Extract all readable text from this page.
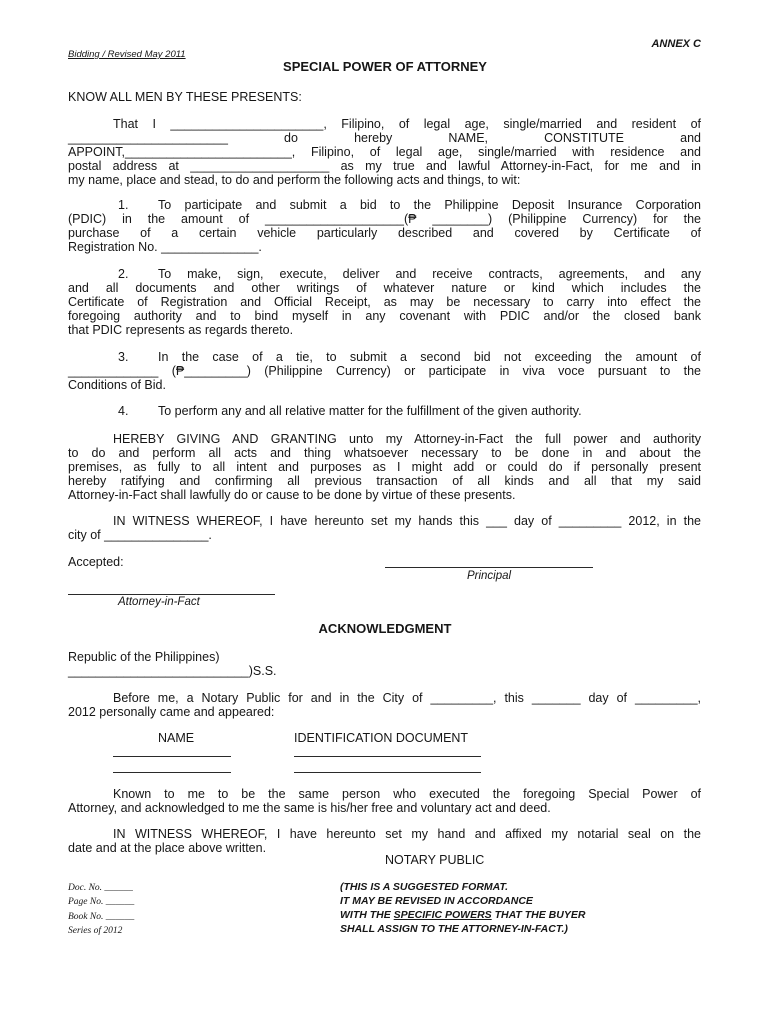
ANNEX C
Bidding / Revised May 2011
SPECIAL POWER OF ATTORNEY
KNOW ALL MEN BY THESE PRESENTS:
That I ______________________, Filipino, of legal age, single/married and resident of
_______________________ do hereby NAME, CONSTITUTE and
APPOINT,________________________, Filipino, of legal age, single/married with residence and
postal address at ____________________ as my true and lawful Attorney-in-Fact, for me and in
my name, place and stead, to do and perform the following acts and things, to wit:
1. To participate and submit a bid to the Philippine Deposit Insurance Corporation
(PDIC) in the amount of ____________________(₱ ________) (Philippine Currency) for the
purchase of a certain vehicle particularly described and covered by Certificate of
Registration No. ______________.
2. To make, sign, execute, deliver and receive contracts, agreements, and any
and all documents and other writings of whatever nature or kind which includes the
Certificate of Registration and Official Receipt, as may be necessary to carry into effect the
foregoing authority and to bind myself in any covenant with PDIC and/or the closed bank
that PDIC represents as regards thereto.
3. In the case of a tie, to submit a second bid not exceeding the amount of
_____________ (₱_________) (Philippine Currency) or participate in viva voce pursuant to the
Conditions of Bid.
4. To perform any and all relative matter for the fulfillment of the given authority.
HEREBY GIVING AND GRANTING unto my Attorney-in-Fact the full power and authority
to do and perform all acts and thing whatsoever necessary to be done in and about the
premises, as fully to all intent and purposes as I might add or could do if personally present
hereby ratifying and confirming all previous transaction of all kinds and all that my said
Attorney-in-Fact shall lawfully do or cause to be done by virtue of these presents.
IN WITNESS WHEREOF, I have hereunto set my hands this ___ day of _________ 2012, in the
city of _______________.
Accepted:
Principal
Attorney-in-Fact
ACKNOWLEDGMENT
Republic of the Philippines)
__________________________)S.S.
Before me, a Notary Public for and in the City of _________, this _______ day of _________,
2012 personally came and appeared:
NAME	IDENTIFICATION DOCUMENT
Known to me to be the same person who executed the foregoing Special Power of
Attorney, and acknowledged to me the same is his/her free and voluntary act and deed.
IN WITNESS WHEREOF, I have hereunto set my hand and affixed my notarial seal on the
date and at the place above written.
NOTARY PUBLIC
Doc. No. ______
Page No. ______
Book No. ______
Series of 2012
(THIS IS A SUGGESTED FORMAT.
IT MAY BE REVISED IN ACCORDANCE
WITH THE SPECIFIC POWERS THAT THE BUYER
SHALL ASSIGN TO THE ATTORNEY-IN-FACT.)
